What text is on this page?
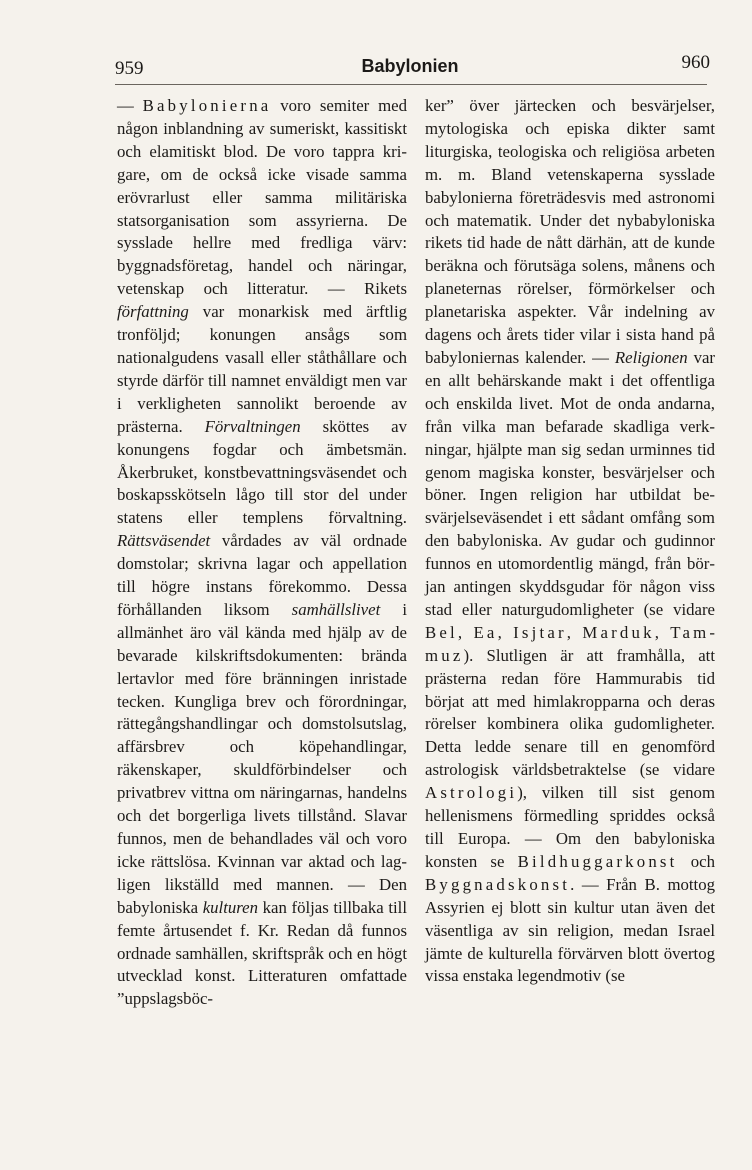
959	Babylonien	960

— Babylonierna voro semiter med någon inblandning av sumeriskt, kassitiskt och elamitiskt blod. De voro tappra krigare, om de också icke visade samma erövrarlust eller samma militäriska statsorganisation som assyrierna. De sysslade hellre med fredliga värv: byggnadsföretag, handel och näringar, vetenskap och litteratur. — Rikets författning var monarkisk med ärftlig tronföljd; konungen ansågs som nationalgudens vasall eller ståthållare och styrde därför till namnet enväldigt men var i verkligheten sannolikt beroende av prästerna. Förvaltningen sköttes av konungens fogdar och ämbetsmän. Åkerbruket, konstbevattningsväsendet och boskapsskötseln lågo till stor del under statens eller templens förvaltning. Rättsväsendet vårdades av väl ordnade domstolar; skrivna lagar och appellation till högre instans förekommo. Dessa förhållanden liksom samhällslivet i allmänhet äro väl kända med hjälp av de bevarade kilskriftsdokumenten: brända lertavlor med före bränningen inristade tecken. Kungliga brev och förordningar, rättegångshandlingar och domstolsutslag, affärsbrev och köpehandlingar, räkenskaper, skuldförbindelser och privatbrev vittna om näringarnas, handelns och det borgerliga livets tillstånd. Slavar funnos, men de behandlades väl och voro icke rättslösa. Kvinnan var aktad och lagligen likställd med mannen. — Den babyloniska kulturen kan följas tillbaka till femte årtusendet f. Kr. Redan då funnos ordnade samhällen, skriftspråk och en högt utvecklad konst. Litteraturen omfattade ”uppslagsböc-

ker” över järtecken och besvärjelser, mytologiska och episka dikter samt liturgiska, teologiska och religiösa arbeten m. m. Bland vetenskaperna sysslade babylonierna företrädesvis med astronomi och matematik. Under det nybabyloniska rikets tid hade de nått därhän, att de kunde beräkna och förutsäga solens, månens och planeternas rörelser, förmörkelser och planetariska aspekter. Vår indelning av dagens och årets tider vilar i sista hand på babyloniernas kalender. — Religionen var en allt behärskande makt i det offentliga och enskilda livet. Mot de onda andarna, från vilka man befarade skadliga verkningar, hjälpte man sig sedan urminnes tid genom magiska konster, besvärjelser och böner. Ingen religion har utbildat besvärjelseväsendet i ett sådant omfång som den babyloniska. Av gudar och gudinnor funnos en utomordentlig mängd, från början antingen skyddsgudar för någon viss stad eller naturgudomligheter (se vidare Bel, Ea, Isjtar, Marduk, Tammuz). Slutligen är att framhålla, att prästerna redan före Hammurabis tid börjat att med himlakropparna och deras rörelser kombinera olika gudomligheter. Detta ledde senare till en genomförd astrologisk världsbetraktelse (se vidare Astrologi), vilken till sist genom hellenismens förmedling spriddes också till Europa. — Om den babyloniska konsten se Bildhuggarkonst och Byggnadskonst. — Från B. mottog Assyrien ej blott sin kultur utan även det väsentliga av sin religion, medan Israel jämte de kulturella förvärven blott övertog vissa enstaka legendmotiv (se
